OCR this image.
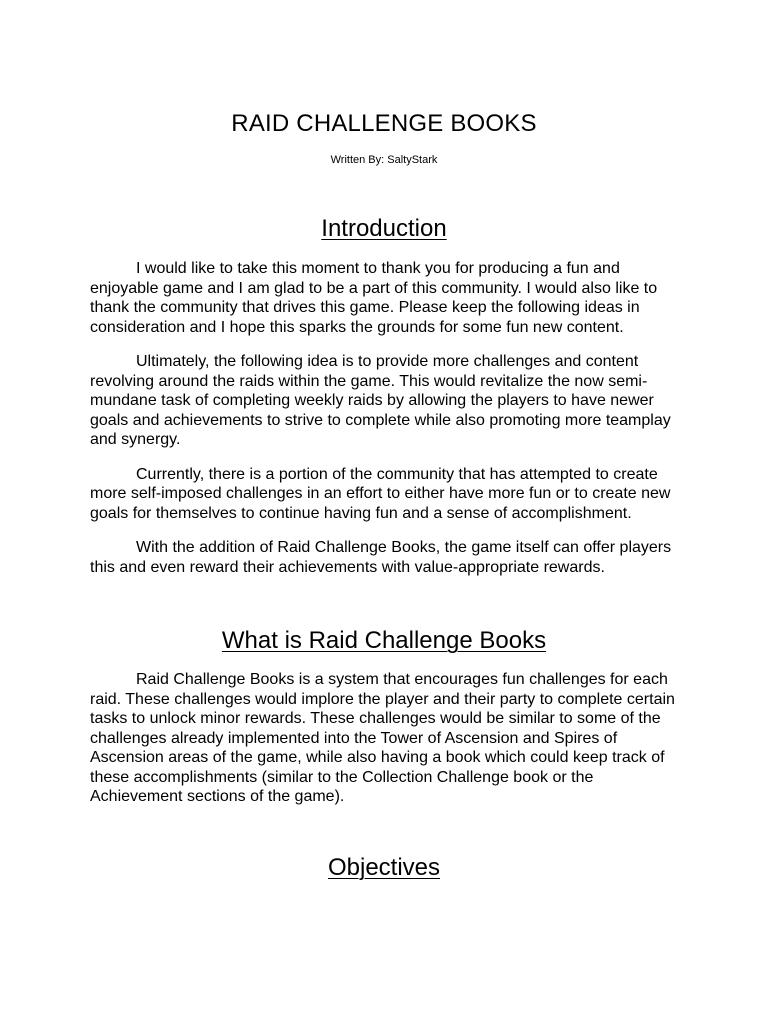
RAID CHALLENGE BOOKS
Written By: SaltyStark
Introduction

I would like to take this moment to thank you for producing a fun and enjoyable game and I am glad to be a part of this community. I would also like to thank the community that drives this game. Please keep the following ideas in consideration and I hope this sparks the grounds for some fun new content.

Ultimately, the following idea is to provide more challenges and content revolving around the raids within the game. This would revitalize the now semi-mundane task of completing weekly raids by allowing the players to have newer goals and achievements to strive to complete while also promoting more teamplay and synergy.

Currently, there is a portion of the community that has attempted to create more self-imposed challenges in an effort to either have more fun or to create new goals for themselves to continue having fun and a sense of accomplishment.

With the addition of Raid Challenge Books, the game itself can offer players this and even reward their achievements with value-appropriate rewards.

What is Raid Challenge Books

Raid Challenge Books is a system that encourages fun challenges for each raid. These challenges would implore the player and their party to complete certain tasks to unlock minor rewards. These challenges would be similar to some of the challenges already implemented into the Tower of Ascension and Spires of Ascension areas of the game, while also having a book which could keep track of these accomplishments (similar to the Collection Challenge book or the Achievement sections of the game).

Objectives
